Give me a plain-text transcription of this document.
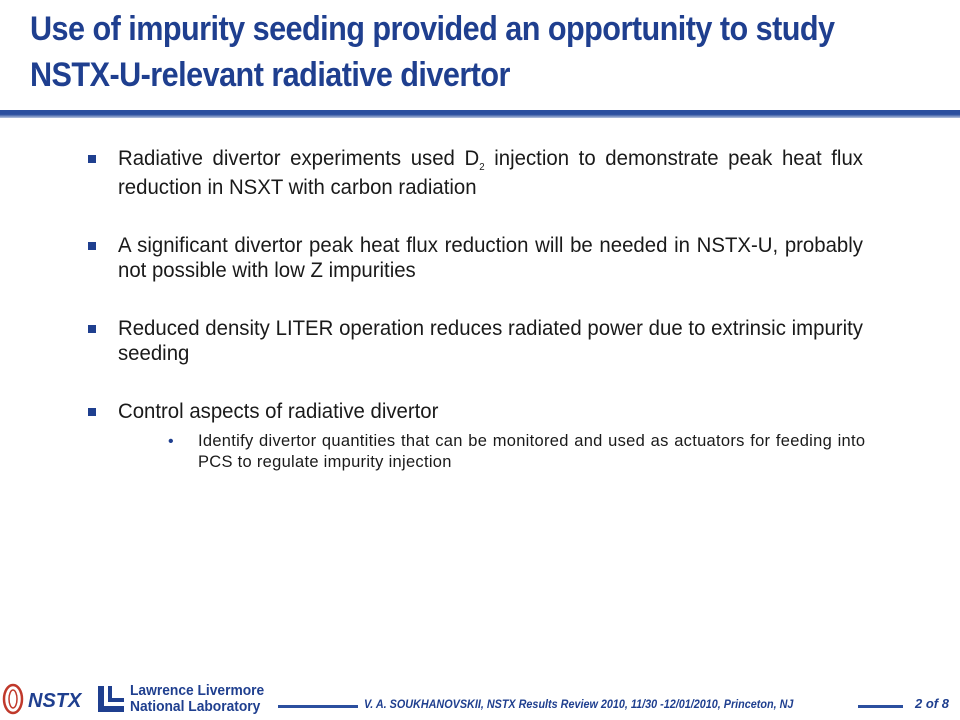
Use of impurity seeding provided an opportunity to study NSTX-U-relevant radiative divertor
Radiative divertor experiments used $D_2$ injection to demonstrate peak heat flux reduction in NSXT with carbon radiation
A significant divertor peak heat flux reduction will be needed in NSTX-U, probably not possible with low Z impurities
Reduced density LITER operation reduces radiated power due to extrinsic impurity seeding
Control aspects of radiative divertor
• Identify divertor quantities that can be monitored and used as actuators for feeding into PCS to regulate impurity injection
NSTX	Lawrence Livermore
National Laboratory	V. A. SOUKHANOVSKII, NSTX Results Review 2010, 11/30 -12/01/2010, Princeton, NJ	2 of 8
